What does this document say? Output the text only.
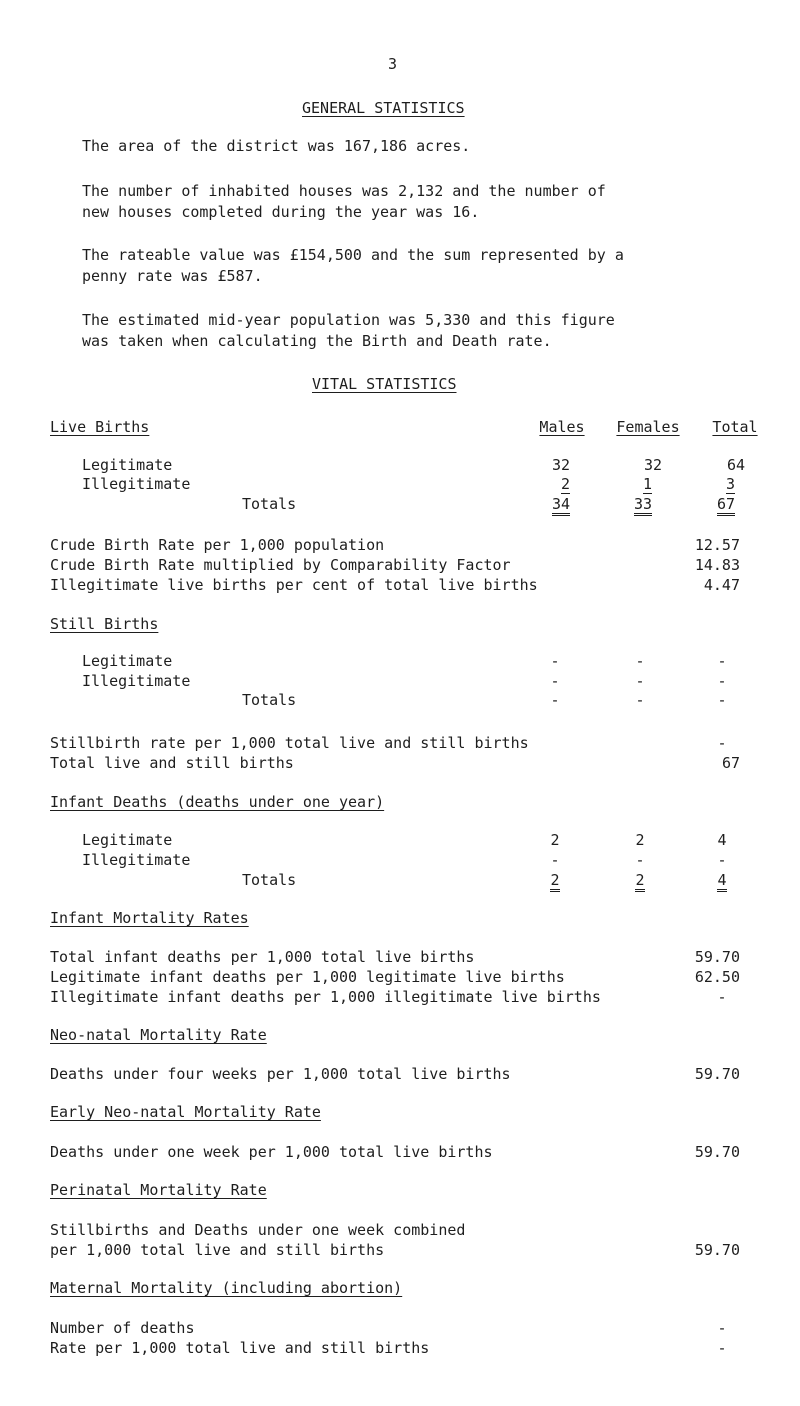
3
GENERAL STATISTICS
The area of the district was 167,186 acres.
The number of inhabited houses was 2,132 and the number of
new houses completed during the year was 16.
The rateable value was £154,500 and the sum represented by a
penny rate was £587.
The estimated mid-year population was 5,330 and this figure
was taken when calculating the Birth and Death rate.
VITAL STATISTICS
Live Births	Males	Females	Total
Legitimate	32	32	64
Illegitimate	2	1	3
Totals	34	33	67
Crude Birth Rate per 1,000 population	12.57
Crude Birth Rate multiplied by Comparability Factor	14.83
Illegitimate live births per cent of total live births	4.47
Still Births
Legitimate	-	-	-
Illegitimate	-	-	-
Totals	-	-	-
Stillbirth rate per 1,000 total live and still births	-
Total live and still births	67
Infant Deaths (deaths under one year)
Legitimate	2	2	4
Illegitimate	-	-	-
Totals	2	2	4
Infant Mortality Rates
Total infant deaths per 1,000 total live births	59.70
Legitimate infant deaths per 1,000 legitimate live births	62.50
Illegitimate infant deaths per 1,000 illegitimate live births	-
Neo-natal Mortality Rate
Deaths under four weeks per 1,000 total live births	59.70
Early Neo-natal Mortality Rate
Deaths under one week per 1,000 total live births	59.70
Perinatal Mortality Rate
Stillbirths and Deaths under one week combined
per 1,000 total live and still births	59.70
Maternal Mortality (including abortion)
Number of deaths	-
Rate per 1,000 total live and still births	-
